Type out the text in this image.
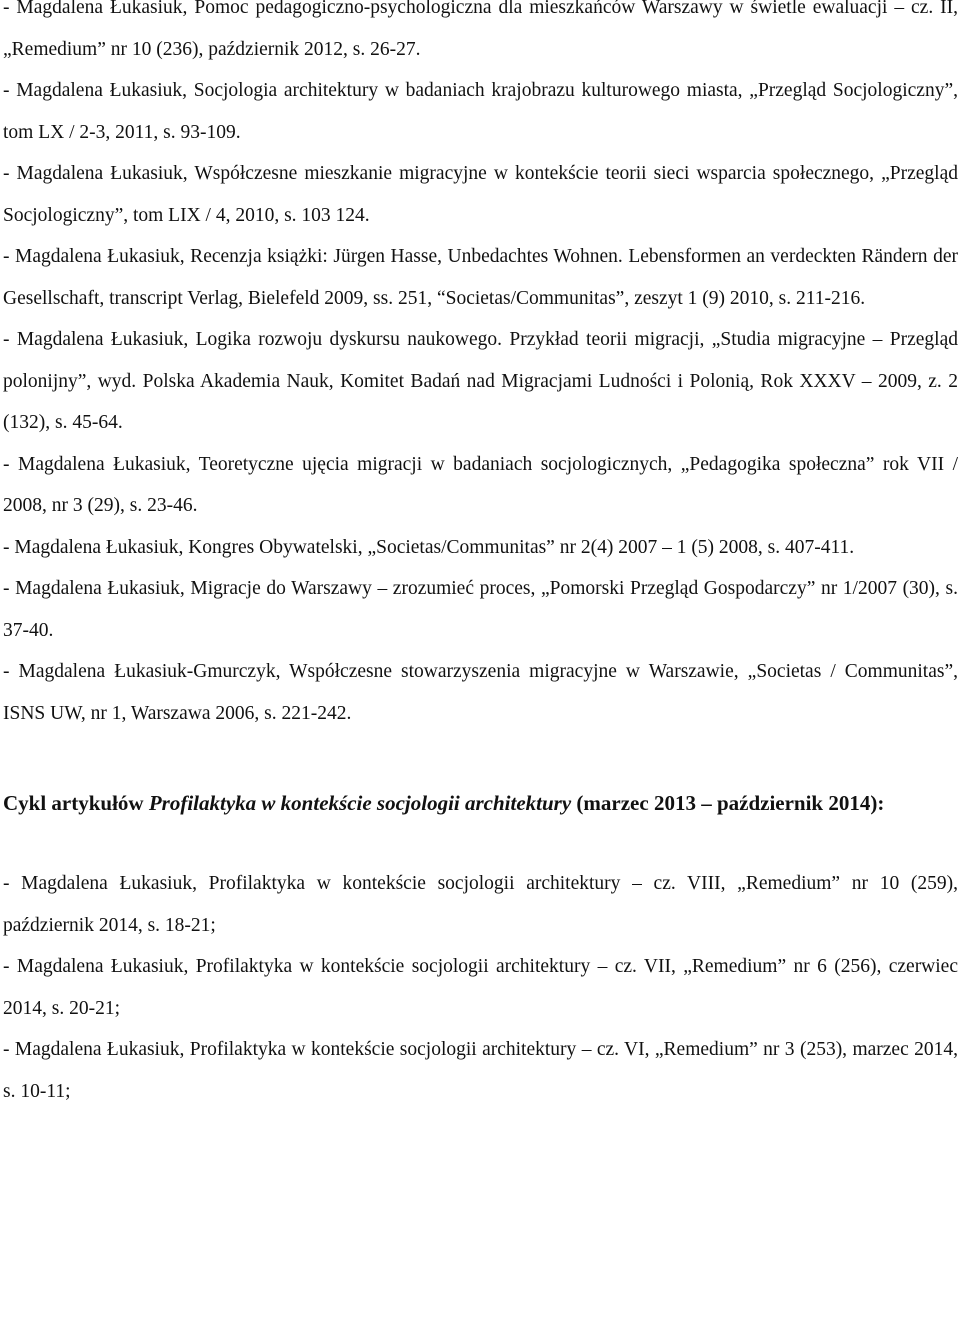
- Magdalena Łukasiuk, Pomoc pedagogiczno-psychologiczna dla mieszkańców Warszawy w świetle ewaluacji – cz. II, „Remedium” nr 10 (236), październik 2012, s. 26-27.

- Magdalena Łukasiuk, Socjologia architektury w badaniach krajobrazu kulturowego miasta, „Przegląd Socjologiczny”, tom LX / 2-3, 2011, s. 93-109.

- Magdalena Łukasiuk, Współczesne mieszkanie migracyjne w kontekście teorii sieci wsparcia społecznego, „Przegląd Socjologiczny”, tom LIX / 4, 2010, s. 103 124.

- Magdalena Łukasiuk, Recenzja książki: Jürgen Hasse, Unbedachtes Wohnen. Lebensformen an verdeckten Rändern der Gesellschaft, transcript Verlag, Bielefeld 2009, ss. 251, “Societas/Communitas”, zeszyt 1 (9) 2010, s. 211-216.

- Magdalena Łukasiuk, Logika rozwoju dyskursu naukowego. Przykład teorii migracji, „Studia migracyjne – Przegląd polonijny”, wyd. Polska Akademia Nauk, Komitet Badań nad Migracjami Ludności i Polonią, Rok XXXV – 2009, z. 2 (132), s. 45-64.

- Magdalena Łukasiuk, Teoretyczne ujęcia migracji w badaniach socjologicznych, „Pedagogika społeczna” rok VII / 2008, nr 3 (29), s. 23-46.

- Magdalena Łukasiuk, Kongres Obywatelski, „Societas/Communitas” nr 2(4) 2007 – 1 (5) 2008, s. 407-411.

- Magdalena Łukasiuk, Migracje do Warszawy – zrozumieć proces, „Pomorski Przegląd Gospodarczy” nr 1/2007 (30), s. 37-40.

- Magdalena Łukasiuk-Gmurczyk, Współczesne stowarzyszenia migracyjne w Warszawie, „Societas / Communitas”, ISNS UW, nr 1, Warszawa 2006, s. 221-242.

Cykl artykułów Profilaktyka w kontekście socjologii architektury (marzec 2013 – październik 2014):

- Magdalena Łukasiuk, Profilaktyka w kontekście socjologii architektury – cz. VIII, „Remedium” nr 10 (259), październik 2014, s. 18-21;

- Magdalena Łukasiuk, Profilaktyka w kontekście socjologii architektury – cz. VII, „Remedium” nr 6 (256), czerwiec 2014, s. 20-21;

- Magdalena Łukasiuk, Profilaktyka w kontekście socjologii architektury – cz. VI, „Remedium” nr 3 (253), marzec 2014, s. 10-11;
